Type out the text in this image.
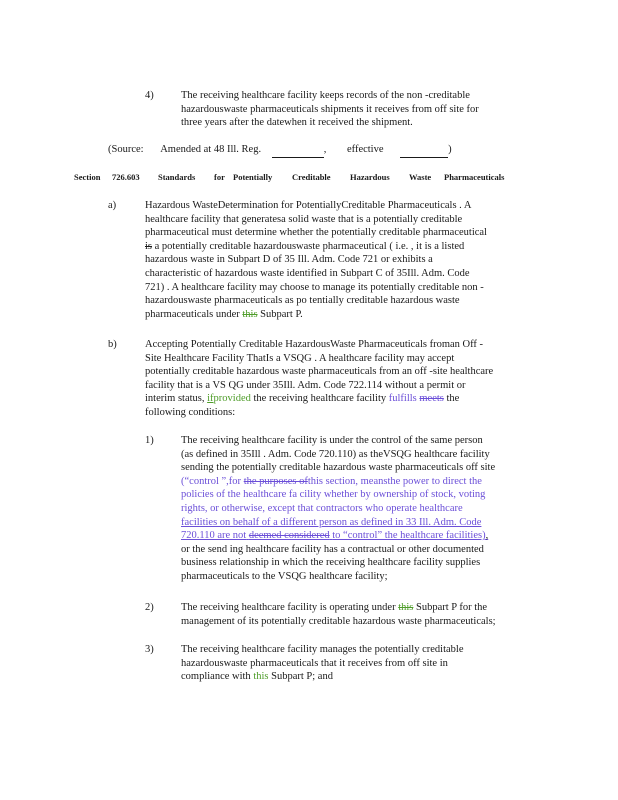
4)	The receiving healthcare facility keeps records of the non -creditable
hazardouswaste pharmaceuticals shipments it receives from off site for
three years after the datewhen it received the shipment.
(Source: Amended at 48 Ill. Reg.	, effective	)
Section 726.603 Standards for Potentially Creditable Hazardous Waste Pharmaceuticals
a)	Hazardous WasteDetermination for PotentiallyCreditable Pharmaceuticals . A
healthcare facility that generatesa solid waste that is a potentially creditable
pharmaceutical must determine whether the potentially creditable pharmaceutical
is a potentially creditable hazardouswaste pharmaceutical ( i.e. , it is a listed
hazardous waste in Subpart D of 35 Ill. Adm. Code 721 or exhibits a
characteristic of hazardous waste identified in Subpart C of 35Ill. Adm. Code
721) . A healthcare facility may choose to manage its potentially creditable non -
hazardouswaste pharmaceuticals as po tentially creditable hazardous waste
pharmaceuticals under this Subpart P.
b)	Accepting Potentially Creditable HazardousWaste Pharmaceuticals froman Off -
Site Healthcare Facility ThatIs a VSQG . A healthcare facility may accept
potentially creditable hazardous waste pharmaceuticals from an off -site healthcare
facility that is a VS QG under 35Ill. Adm. Code 722.114 without a permit or
interim status, ifprovided the receiving healthcare facility fulfills meets the
following conditions:
1)	The receiving healthcare facility is under the control of the same person
(as defined in 35Ill . Adm. Code 720.110) as theVSQG healthcare facility
sending the potentially creditable hazardous waste pharmaceuticals off site
(“control ”,for the purposes ofthis section, meansthe power to direct the
policies of the healthcare fa cility whether by ownership of stock, voting
rights, or otherwise, except that contractors who operate healthcare
facilities on behalf of a different person as defined in 33 Ill. Adm. Code
720.110 are not deemed considered to “control” the healthcare facilities),
or the send ing healthcare facility has a contractual or other documented
business relationship in which the receiving healthcare facility supplies
pharmaceuticals to the VSQG healthcare facility;
2)	The receiving healthcare facility is operating under this Subpart P for the
management of its potentially creditable hazardous waste pharmaceuticals;
3)	The receiving healthcare facility manages the potentially creditable
hazardouswaste pharmaceuticals that it receives from off site in
compliance with this Subpart P; and
